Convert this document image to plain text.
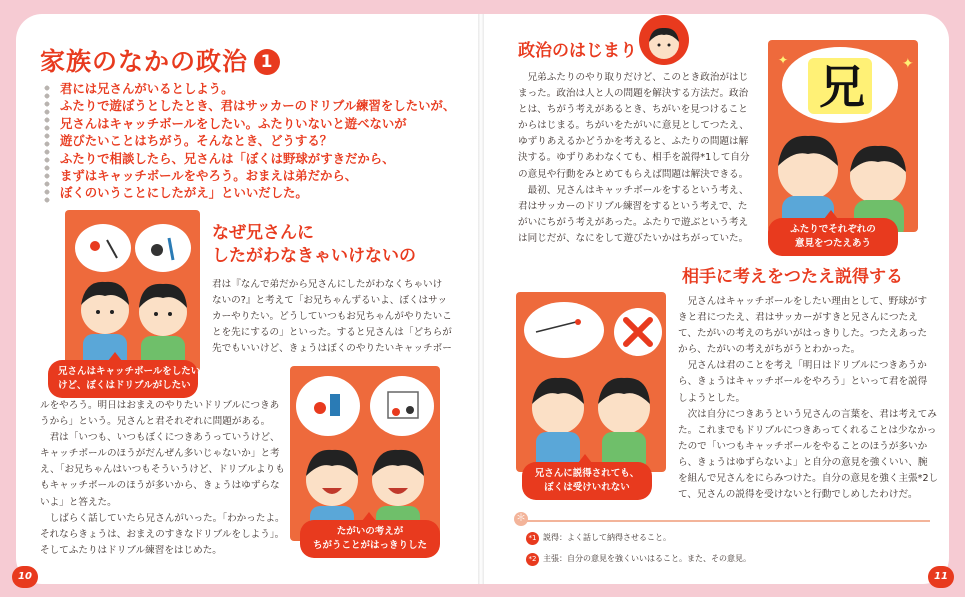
家族のなかの政治 1

君には兄さんがいるとしよう。

ふたりで遊ぼうとしたとき、君はサッカーのドリブル練習をしたいが、

兄さんはキャッチボールをしたい。ふたりいないと遊べないが

遊びたいことはちがう。そんなとき、どうする？

ふたりで相談したら、兄さんは「ぼくは野球がすきだから、

まずはキャッチボールをやろう。おまえは弟だから、

ぼくのいうことにしたがえ」といいだした。

兄さんはキャッチボールをしたい
けど、ぼくはドリブルがしたい
なぜ兄さんに
したがわなきゃいけないの

君は『なんで弟だから兄さんにしたがわなくちゃいけ

ないの?』と考えて「お兄ちゃんずるいよ、ぼくはサッ

カーやりたい。どうしていつもお兄ちゃんがやりたいこ

とを先にするの」といった。すると兄さんは「どちらが

先でもいいけど、きょうはぼくのやりたいキャッチボー

ルをやろう。明日はおまえのやりたいドリブルにつきあ

うから」という。兄さんと君それぞれに問題がある。

　君は「いつも、いつもぼくにつきあうっていうけど、

キャッチボールのほうがだんぜん多いじゃないか」と考

え、「お兄ちゃんはいつもそういうけど、ドリブルよりも

もキャッチボールのほうが多いから、きょうはゆずらな

いよ」と答えた。

　しばらく話していたら兄さんがいった。「わかったよ。

それならきょうは、おまえのすきなドリブルをしよう」。

そしてふたりはドリブル練習をはじめた。

たがいの考えが
ちがうことがはっきりした
10
政治のはじまり

　兄弟ふたりのやり取りだけど、このとき政治がはじ

まった。政治は人と人の問題を解決する方法だ。政治

とは、ちがう考えがあるとき、ちがいを見つけること

からはじまる。ちがいをたがいに意見としてつたえ、

ゆずりあえるかどうかを考えると、ふたりの問題は解

決する。ゆずりあわなくても、相手を説得*1して自分

の意見や行動をみとめてもらえば問題は解決できる。

　最初、兄さんはキャッチボールをするという考え、

君はサッカーのドリブル練習をするという考えで、た

がいにちがう考えがあった。ふたりで遊ぶという考え

は同じだが、なにをして遊びたいかはちがっていた。

✦
✦ 兄
ふたりでそれぞれの
意見をつたえあう
相手に考えをつたえ説得する
兄さんに説得されても、
ぼくは受けいれない

　兄さんはキャッチボールをしたい理由として、野球がす

きと君につたえ、君はサッカーがすきと兄さんにつたえ

て、たがいの考えのちがいがはっきりした。つたえあった

から、たがいの考えがちがうとわかった。

　兄さんは君のことを考え「明日はドリブルにつきあうか

ら、きょうはキャッチボールをやろう」といって君を説得

しようとした。

　次は自分につきあうという兄さんの言葉を、君は考えてみ

た。これまでもドリブルにつきあってくれることは少なかっ

たので「いつもキャッチボールをやることのほうが多いか

ら、きょうはゆずらないよ」と自分の意見を強くいい、腕

を組んで兄さんをにらみつけた。自分の意見を強く主張*2し

て、兄さんの説得を受けないと行動でしめしたわけだ。

＊
*1 説得：よく話して納得させること。
*2 主張：自分の意見を強くいいはること。また、その意見。
11
